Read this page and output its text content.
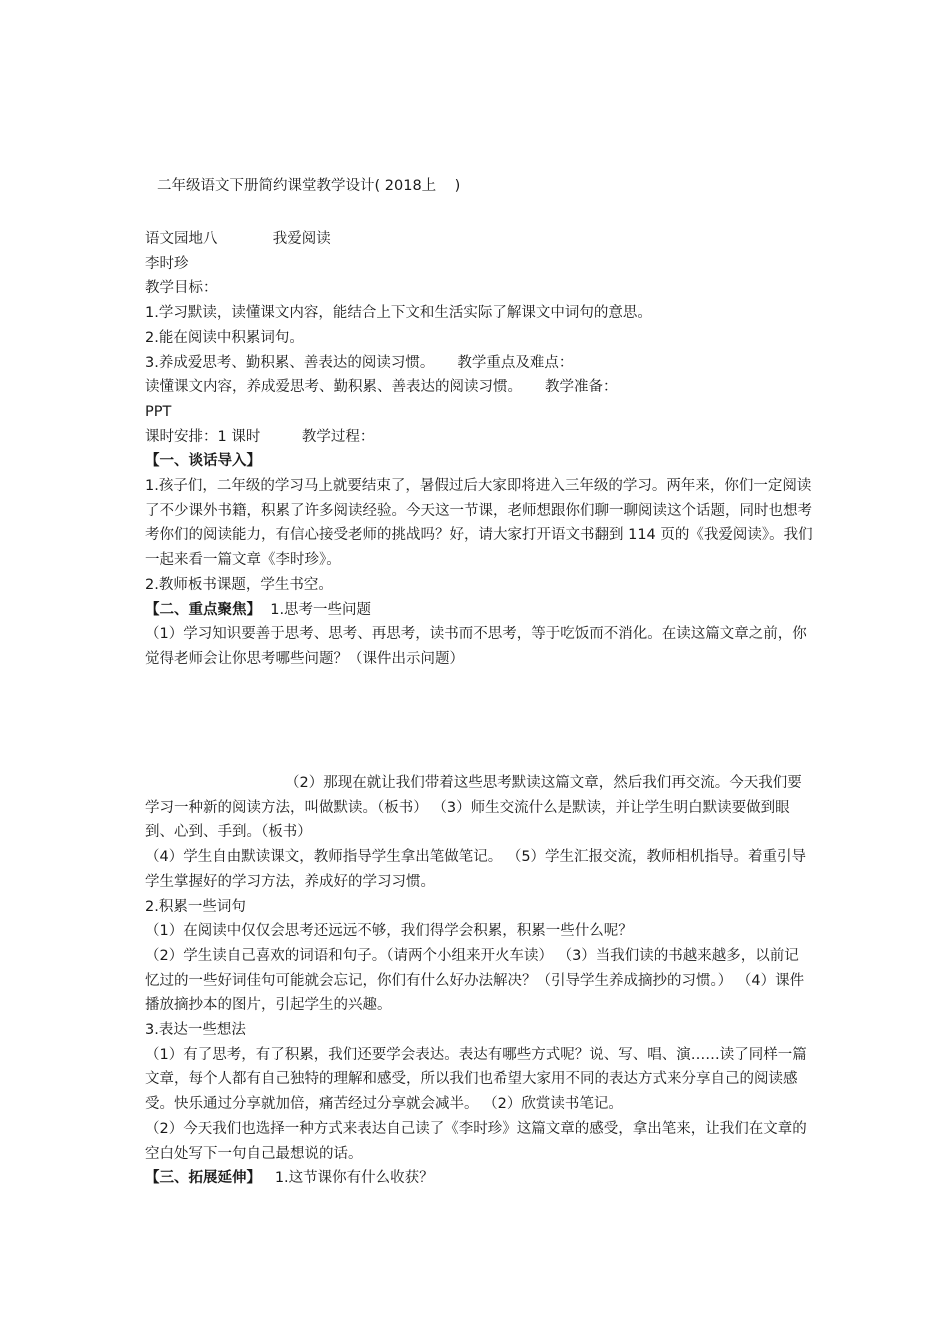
二年级语文下册简约课堂教学设计( 2018上    )

语文园地八            我爱阅读

李时珍

教学目标：

1.学习默读，读懂课文内容，能结合上下文和生活实际了解课文中词句的意思。

2.能在阅读中积累词句。

3.养成爱思考、勤积累、善表达的阅读习惯。     教学重点及难点：

读懂课文内容，养成爱思考、勤积累、善表达的阅读习惯。     教学准备：

PPT

课时安排：1 课时         教学过程：

【一、谈话导入】

1.孩子们，二年级的学习马上就要结束了，暑假过后大家即将进入三年级的学习。两年来，你们一定阅读了不少课外书籍，积累了许多阅读经验。今天这一节课，老师想跟你们聊一聊阅读这个话题，同时也想考考你们的阅读能力，有信心接受老师的挑战吗？好，请大家打开语文书翻到 114 页的《我爱阅读》。我们一起来看一篇文章《李时珍》。

2.教师板书课题，学生书空。

【二、重点聚焦】  1.思考一些问题

（1）学习知识要善于思考、思考、再思考，读书而不思考，等于吃饭而不消化。在读这篇文章之前，你觉得老师会让你思考哪些问题？（课件出示问题）

（2）那现在就让我们带着这些思考默读这篇文章，然后我们再交流。今天我们要学习一种新的阅读方法，叫做默读。（板书） （3）师生交流什么是默读，并让学生明白默读要做到眼到、心到、手到。（板书）

（4）学生自由默读课文，教师指导学生拿出笔做笔记。 （5）学生汇报交流，教师相机指导。着重引导学生掌握好的学习方法，养成好的学习习惯。

2.积累一些词句

（1）在阅读中仅仅会思考还远远不够，我们得学会积累，积累一些什么呢？

（2）学生读自己喜欢的词语和句子。（请两个小组来开火车读） （3）当我们读的书越来越多，以前记忆过的一些好词佳句可能就会忘记，你们有什么好办法解决？（引导学生养成摘抄的习惯。） （4）课件播放摘抄本的图片，引起学生的兴趣。

3.表达一些想法

（1）有了思考，有了积累，我们还要学会表达。表达有哪些方式呢？说、写、唱、演……读了同样一篇文章，每个人都有自己独特的理解和感受，所以我们也希望大家用不同的表达方式来分享自己的阅读感受。快乐通过分享就加倍，痛苦经过分享就会减半。 （2）欣赏读书笔记。

（2）今天我们也选择一种方式来表达自己读了《李时珍》这篇文章的感受，拿出笔来，让我们在文章的空白处写下一句自己最想说的话。

【三、拓展延伸】   1.这节课你有什么收获？
